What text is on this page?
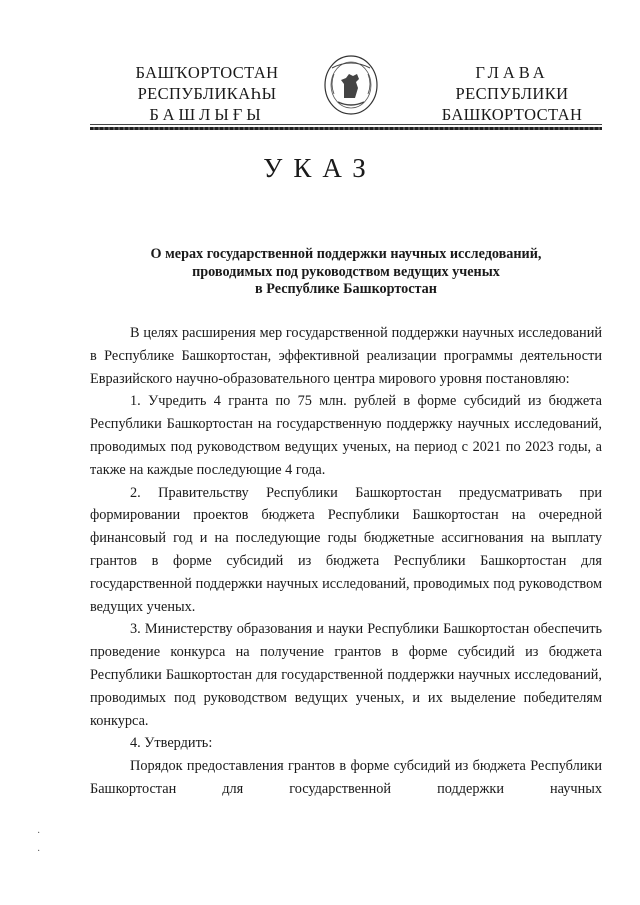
БАШҠОРТОСТАН
РЕСПУБЛИКАҺЫ
БАШЛЫҒЫ
ГЛАВА
РЕСПУБЛИКИ
БАШКОРТОСТАН
УКАЗ
О мерах государственной поддержки научных исследований,
проводимых под руководством ведущих ученых
в Республике Башкортостан

В целях расширения мер государственной поддержки научных исследований в Республике Башкортостан, эффективной реализации программы деятельности Евразийского научно-образовательного центра мирового уровня постановляю:

1. Учредить 4 гранта по 75 млн. рублей в форме субсидий из бюджета Республики Башкортостан на государственную поддержку научных исследований, проводимых под руководством ведущих ученых, на период с 2021 по 2023 годы, а также на каждые последующие 4 года.

2. Правительству Республики Башкортостан предусматривать при формировании проектов бюджета Республики Башкортостан на очередной финансовый год и на последующие годы бюджетные ассигнования на выплату грантов в форме субсидий из бюджета Республики Башкортостан для государственной поддержки научных исследований, проводимых под руководством ведущих ученых.

3. Министерству образования и науки Республики Башкортостан обеспечить проведение конкурса на получение грантов в форме субсидий из бюджета Республики Башкортостан для государственной поддержки научных исследований, проводимых под руководством ведущих ученых, и их выделение победителям конкурса.

4. Утвердить:

Порядок предоставления грантов в форме субсидий из бюджета Республики Башкортостан для государственной поддержки научных

·
·
